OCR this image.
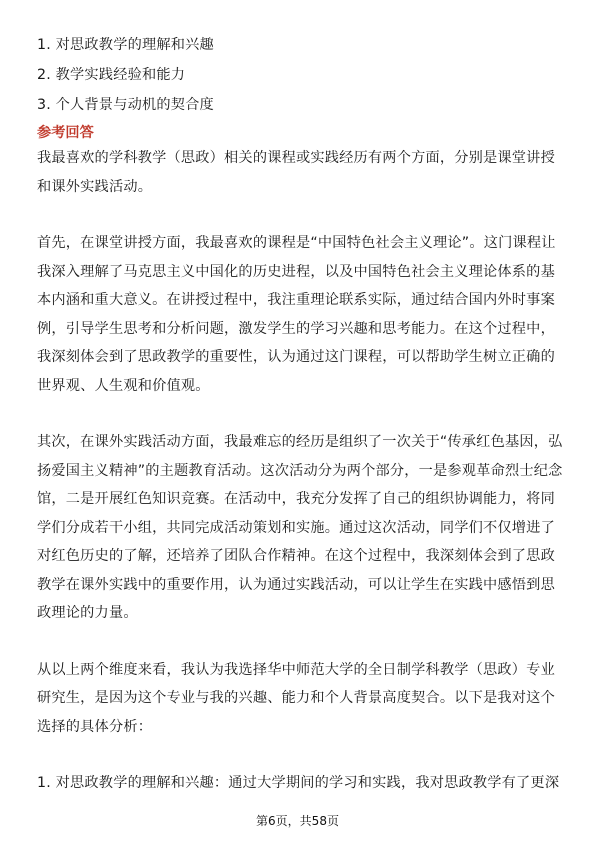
1. 对思政教学的理解和兴趣
2. 教学实践经验和能力
3. 个人背景与动机的契合度
参考回答
我最喜欢的学科教学（思政）相关的课程或实践经历有两个方面，分别是课堂讲授
和课外实践活动。
首先，在课堂讲授方面，我最喜欢的课程是“中国特色社会主义理论”。这门课程让
我深入理解了马克思主义中国化的历史进程，以及中国特色社会主义理论体系的基
本内涵和重大意义。在讲授过程中，我注重理论联系实际，通过结合国内外时事案
例，引导学生思考和分析问题，激发学生的学习兴趣和思考能力。在这个过程中，
我深刻体会到了思政教学的重要性，认为通过这门课程，可以帮助学生树立正确的
世界观、人生观和价值观。
其次，在课外实践活动方面，我最难忘的经历是组织了一次关于“传承红色基因，弘
扬爱国主义精神”的主题教育活动。这次活动分为两个部分，一是参观革命烈士纪念
馆，二是开展红色知识竞赛。在活动中，我充分发挥了自己的组织协调能力，将同
学们分成若干小组，共同完成活动策划和实施。通过这次活动，同学们不仅增进了
对红色历史的了解，还培养了团队合作精神。在这个过程中，我深刻体会到了思政
教学在课外实践中的重要作用，认为通过实践活动，可以让学生在实践中感悟到思
政理论的力量。
从以上两个维度来看，我认为我选择华中师范大学的全日制学科教学（思政）专业
研究生，是因为这个专业与我的兴趣、能力和个人背景高度契合。以下是我对这个
选择的具体分析：
1. 对思政教学的理解和兴趣：通过大学期间的学习和实践，我对思政教学有了更深
第6页，共58页
